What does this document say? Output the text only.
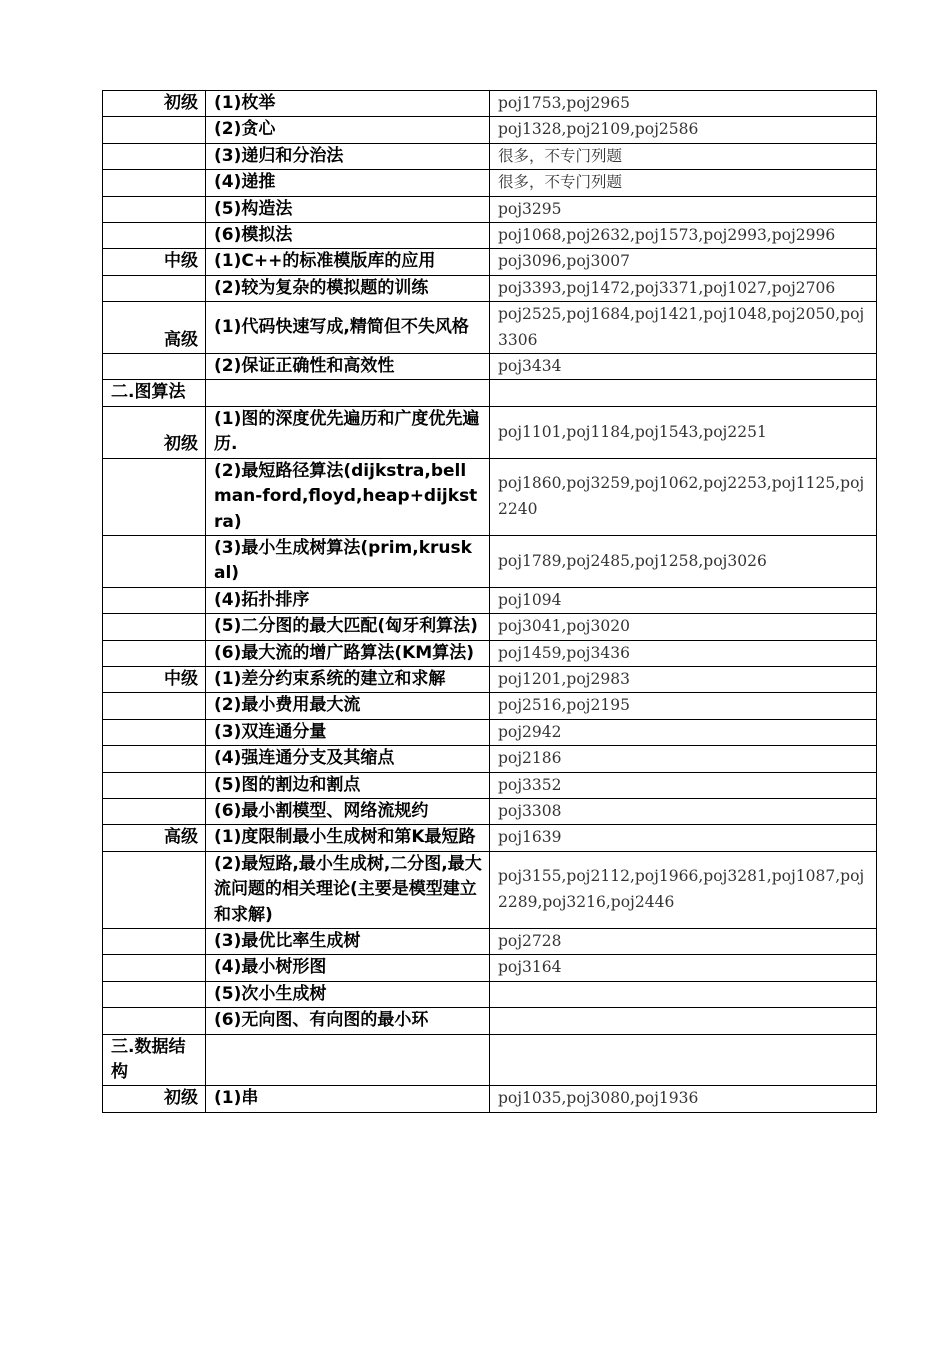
初级	(1)枚举	poj1753,poj2965
	(2)贪心	poj1328,poj2109,poj2586
	(3)递归和分治法	很多，不专门列题
	(4)递推	很多，不专门列题
	(5)构造法	poj3295
	(6)模拟法	poj1068,poj2632,poj1573,poj2993,poj2996
中级	(1)C++的标准模版库的应用	poj3096,poj3007
	(2)较为复杂的模拟题的训练	poj3393,poj1472,poj3371,poj1027,poj2706
高级	(1)代码快速写成,精简但不失风格	poj2525,poj1684,poj1421,poj1048,poj2050,poj3306
	(2)保证正确性和高效性	poj3434
二.图算法		
初级	(1)图的深度优先遍历和广度优先遍历.	poj1101,poj1184,poj1543,poj2251
	(2)最短路径算法(dijkstra,bellman-ford,floyd,heap+dijkstra)	poj1860,poj3259,poj1062,poj2253,poj1125,poj2240
	(3)最小生成树算法(prim,kruskal)	poj1789,poj2485,poj1258,poj3026
	(4)拓扑排序	poj1094
	(5)二分图的最大匹配(匈牙利算法)	poj3041,poj3020
	(6)最大流的增广路算法(KM算法)	poj1459,poj3436
中级	(1)差分约束系统的建立和求解	poj1201,poj2983
	(2)最小费用最大流	poj2516,poj2195
	(3)双连通分量	poj2942
	(4)强连通分支及其缩点	poj2186
	(5)图的割边和割点	poj3352
	(6)最小割模型、网络流规约	poj3308
高级	(1)度限制最小生成树和第K最短路	poj1639
	(2)最短路,最小生成树,二分图,最大流问题的相关理论(主要是模型建立和求解)	poj3155,poj2112,poj1966,poj3281,poj1087,poj2289,poj3216,poj2446
	(3)最优比率生成树	poj2728
	(4)最小树形图	poj3164
	(5)次小生成树	
	(6)无向图、有向图的最小环	
三.数据结构		
初级	(1)串	poj1035,poj3080,poj1936
